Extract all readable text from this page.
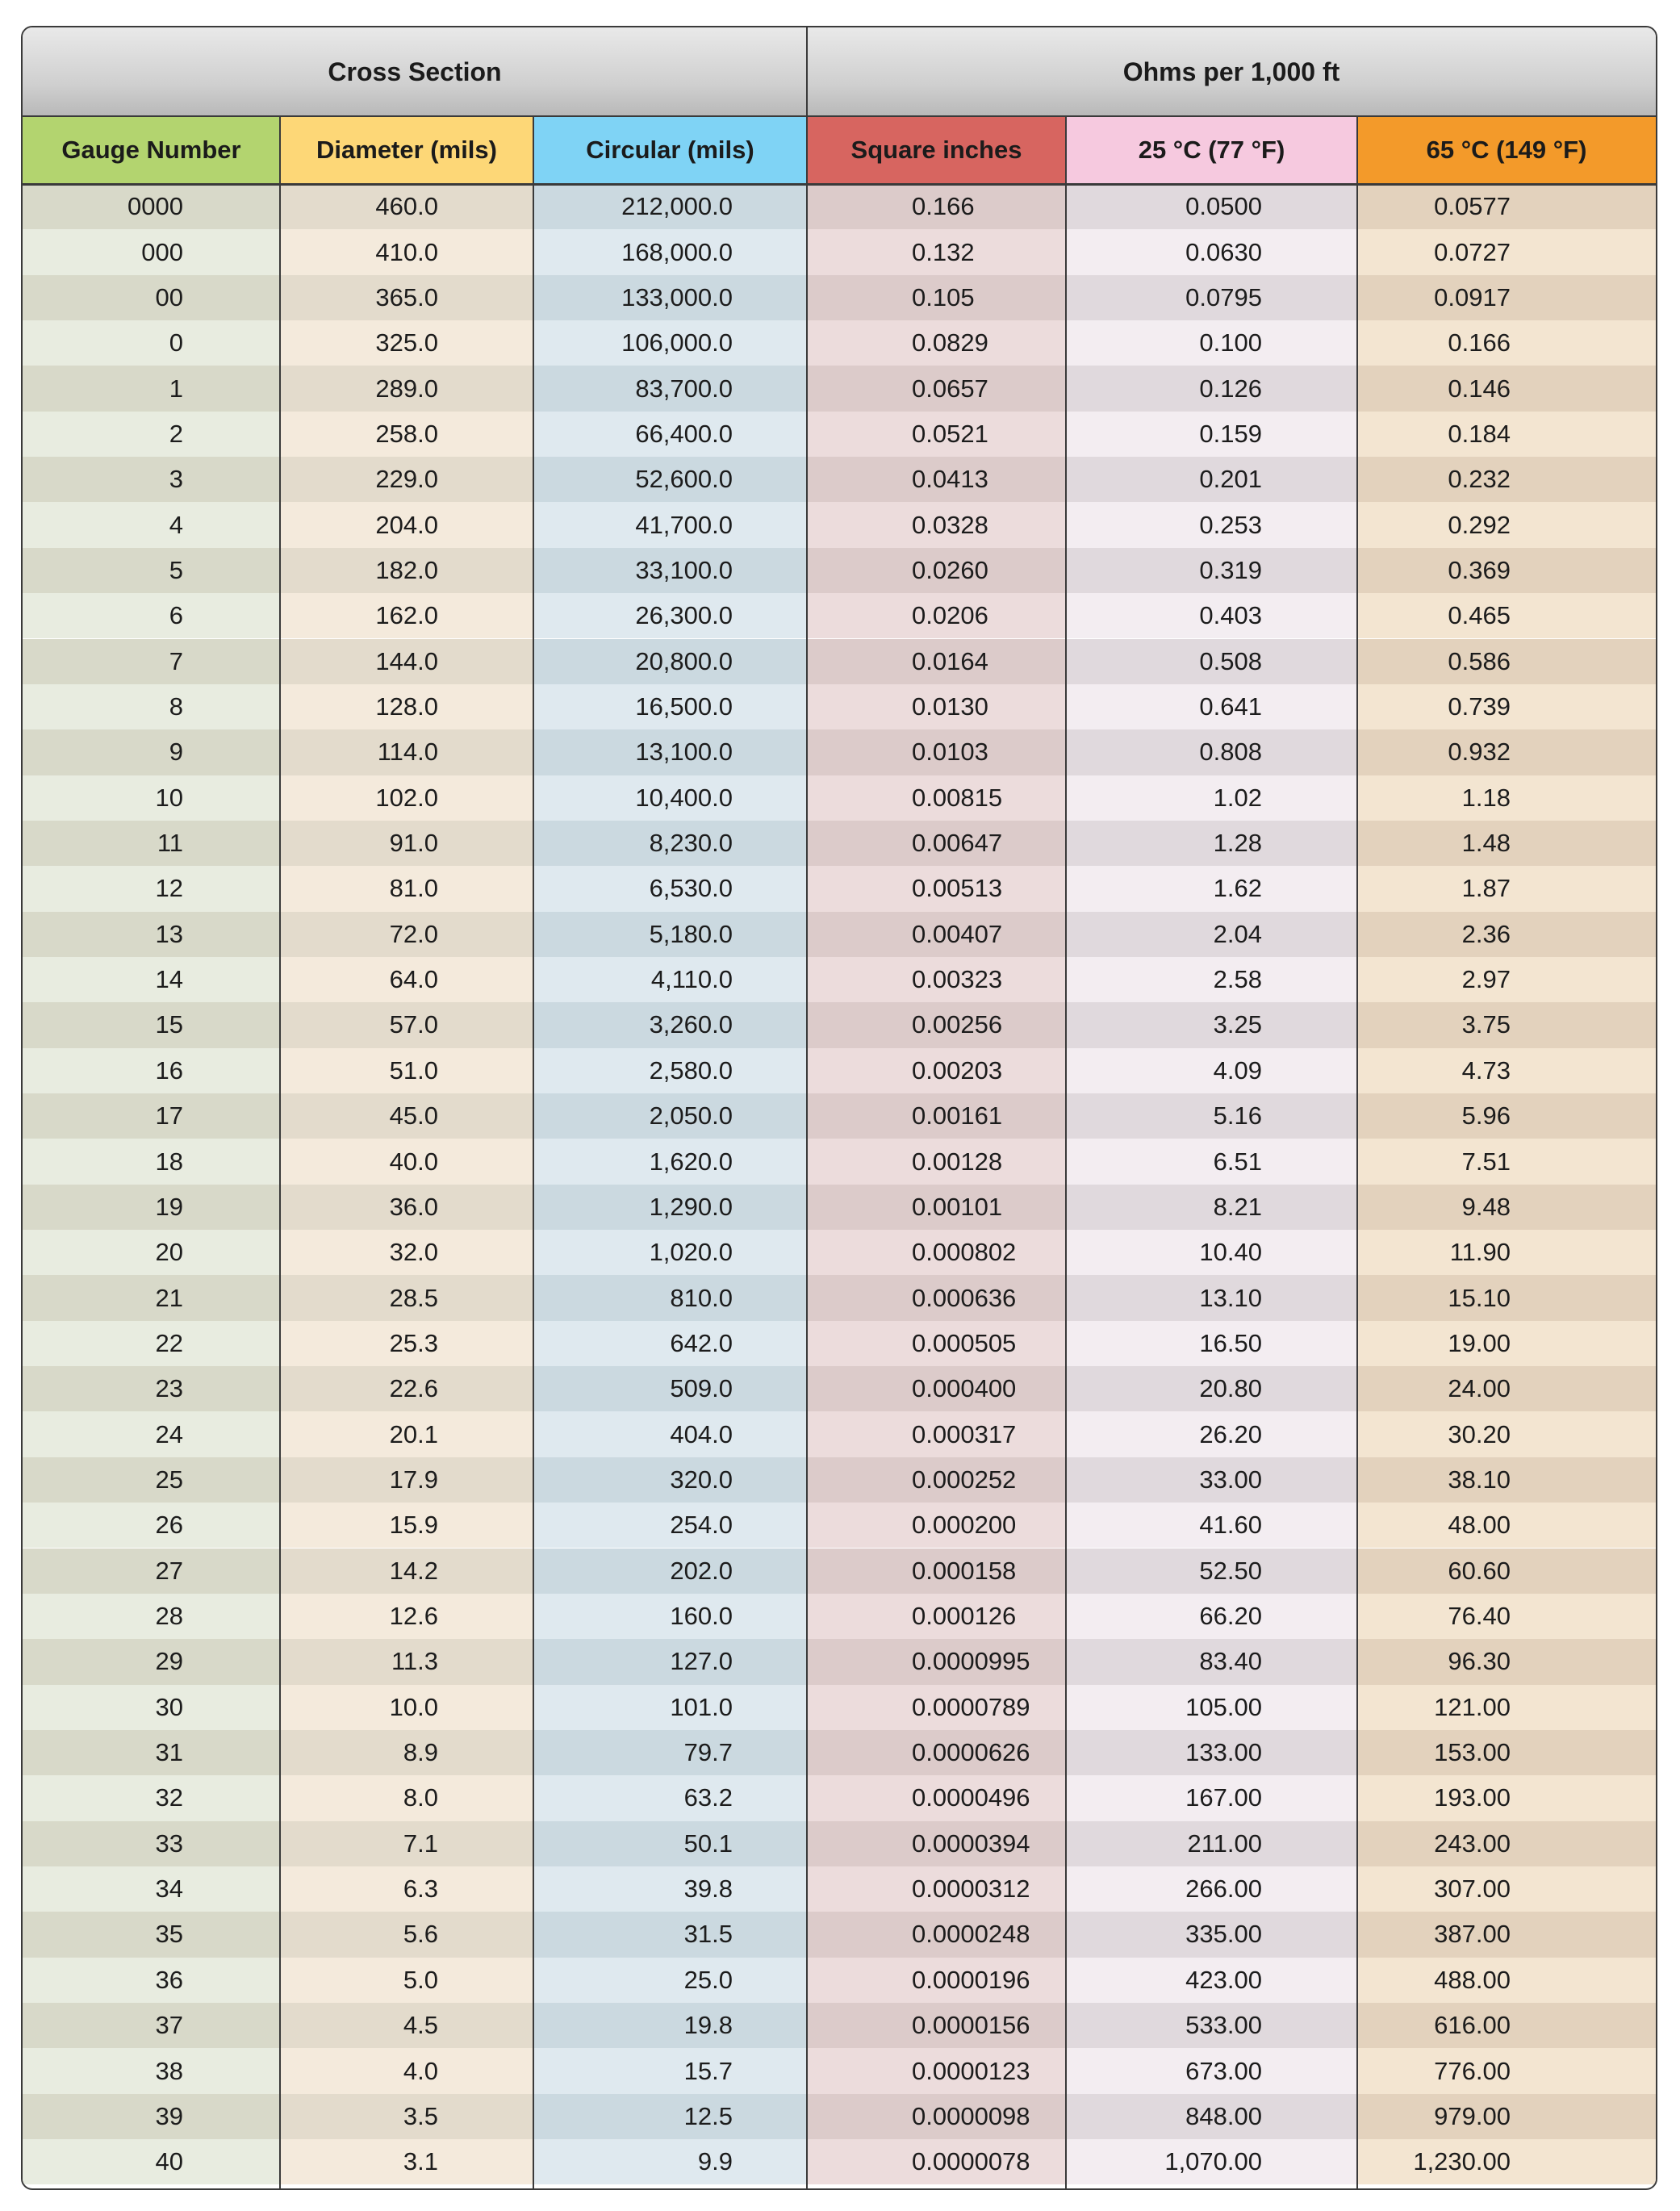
Cross Section	Ohms per 1,000 ft
Gauge Number	Diameter (mils)	Circular (mils)	Square inches	25 °C (77 °F)	65 °C (149 °F)
0000	460.0	212,000.0	0.166	0.0500	0.0577
000	410.0	168,000.0	0.132	0.0630	0.0727
00	365.0	133,000.0	0.105	0.0795	0.0917
0	325.0	106,000.0	0.0829	0.100	0.166
1	289.0	83,700.0	0.0657	0.126	0.146
2	258.0	66,400.0	0.0521	0.159	0.184
3	229.0	52,600.0	0.0413	0.201	0.232
4	204.0	41,700.0	0.0328	0.253	0.292
5	182.0	33,100.0	0.0260	0.319	0.369
6	162.0	26,300.0	0.0206	0.403	0.465
7	144.0	20,800.0	0.0164	0.508	0.586
8	128.0	16,500.0	0.0130	0.641	0.739
9	114.0	13,100.0	0.0103	0.808	0.932
10	102.0	10,400.0	0.00815	1.02	1.18
11	91.0	8,230.0	0.00647	1.28	1.48
12	81.0	6,530.0	0.00513	1.62	1.87
13	72.0	5,180.0	0.00407	2.04	2.36
14	64.0	4,110.0	0.00323	2.58	2.97
15	57.0	3,260.0	0.00256	3.25	3.75
16	51.0	2,580.0	0.00203	4.09	4.73
17	45.0	2,050.0	0.00161	5.16	5.96
18	40.0	1,620.0	0.00128	6.51	7.51
19	36.0	1,290.0	0.00101	8.21	9.48
20	32.0	1,020.0	0.000802	10.40	11.90
21	28.5	810.0	0.000636	13.10	15.10
22	25.3	642.0	0.000505	16.50	19.00
23	22.6	509.0	0.000400	20.80	24.00
24	20.1	404.0	0.000317	26.20	30.20
25	17.9	320.0	0.000252	33.00	38.10
26	15.9	254.0	0.000200	41.60	48.00
27	14.2	202.0	0.000158	52.50	60.60
28	12.6	160.0	0.000126	66.20	76.40
29	11.3	127.0	0.0000995	83.40	96.30
30	10.0	101.0	0.0000789	105.00	121.00
31	8.9	79.7	0.0000626	133.00	153.00
32	8.0	63.2	0.0000496	167.00	193.00
33	7.1	50.1	0.0000394	211.00	243.00
34	6.3	39.8	0.0000312	266.00	307.00
35	5.6	31.5	0.0000248	335.00	387.00
36	5.0	25.0	0.0000196	423.00	488.00
37	4.5	19.8	0.0000156	533.00	616.00
38	4.0	15.7	0.0000123	673.00	776.00
39	3.5	12.5	0.0000098	848.00	979.00
40	3.1	9.9	0.0000078	1,070.00	1,230.00
